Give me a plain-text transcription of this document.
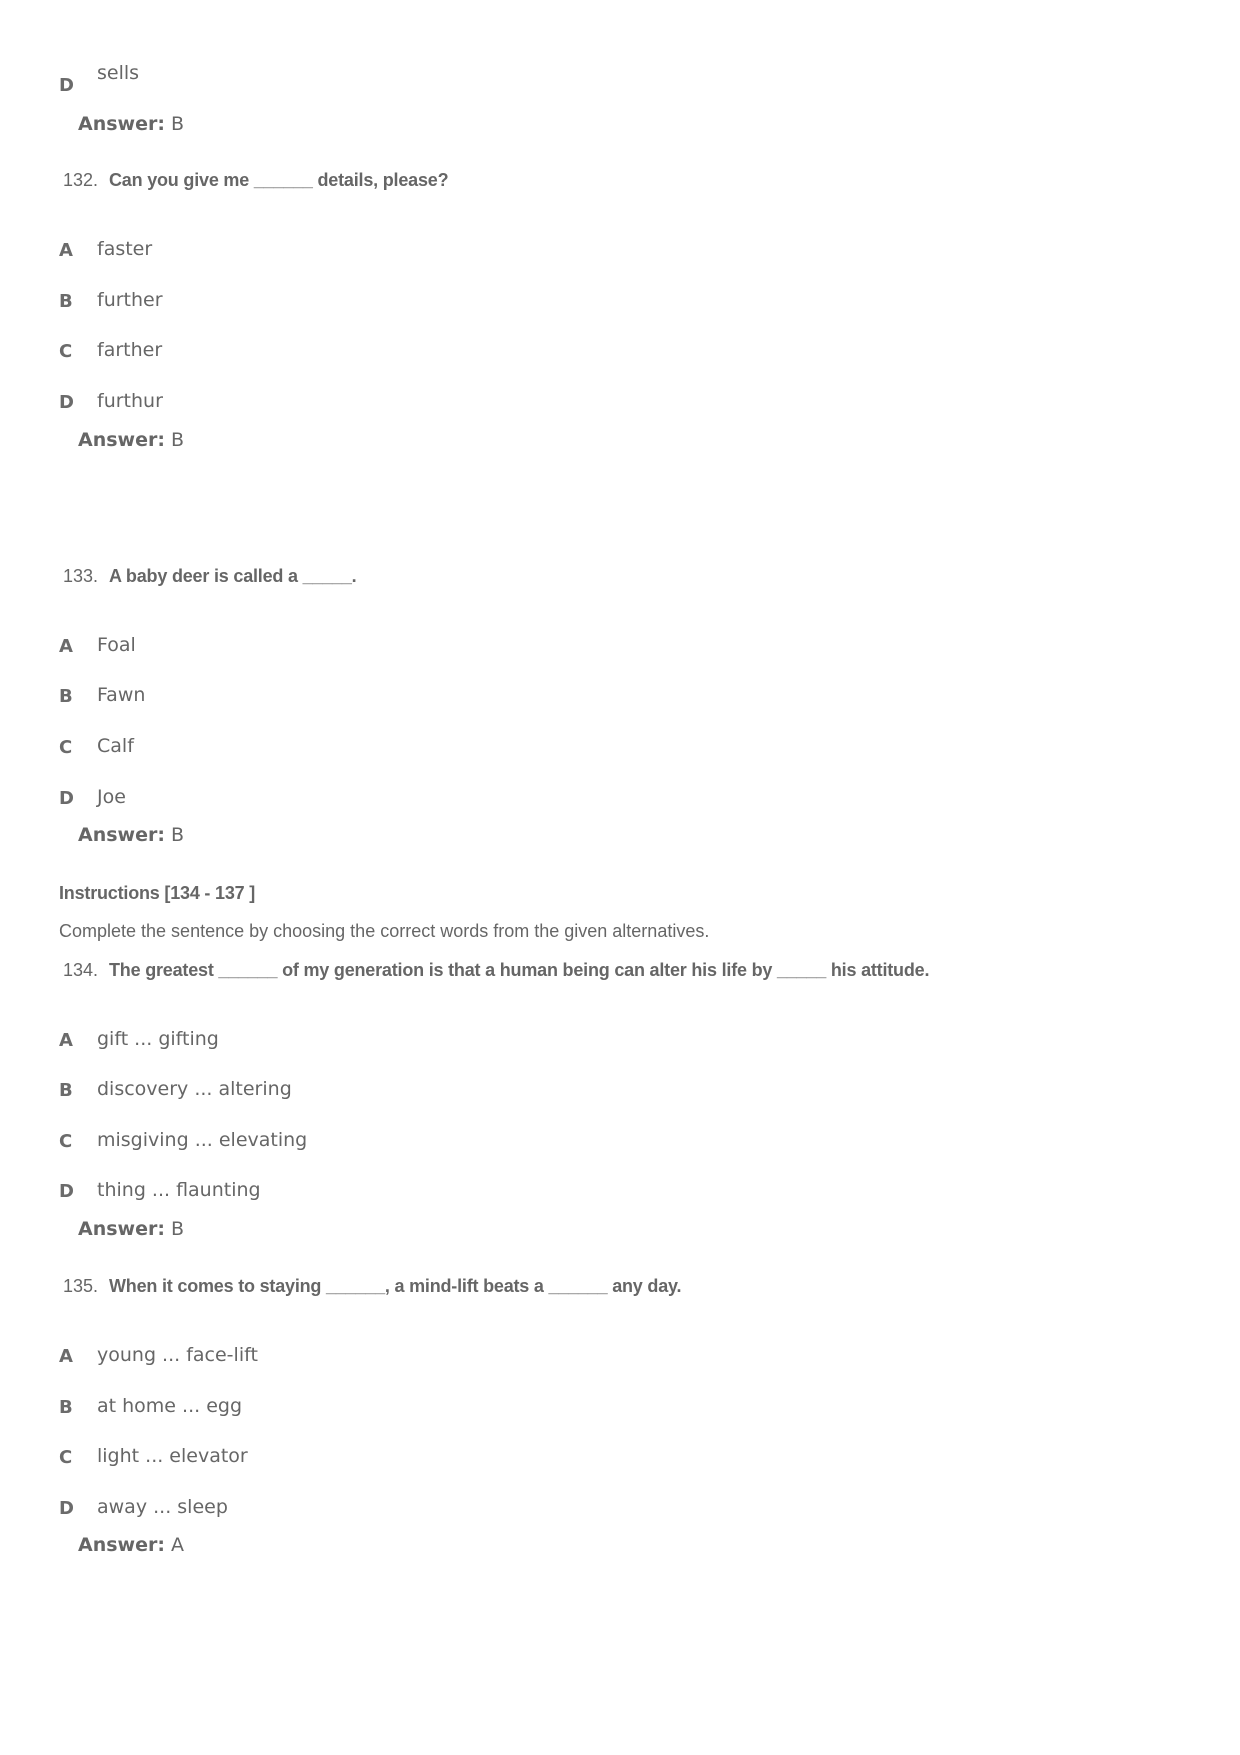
D
sells
Answer: B
132. Can you give me ______ details, please?
A faster
B further
C farther
D furthur
Answer: B
133. A baby deer is called a _____.
A Foal
B Fawn
C Calf
D Joe
Answer: B
Instructions [134 - 137 ]
Complete the sentence by choosing the correct words from the given alternatives.
134. The greatest ______ of my generation is that a human being can alter his life by _____ his attitude.
A gift ... gifting
B discovery ... altering
C misgiving ... elevating
D thing ... flaunting
Answer: B
135. When it comes to staying ______, a mind-lift beats a ______ any day.
A young ... face-lift
B at home ... egg
C light ... elevator
D away ... sleep
Answer: A
